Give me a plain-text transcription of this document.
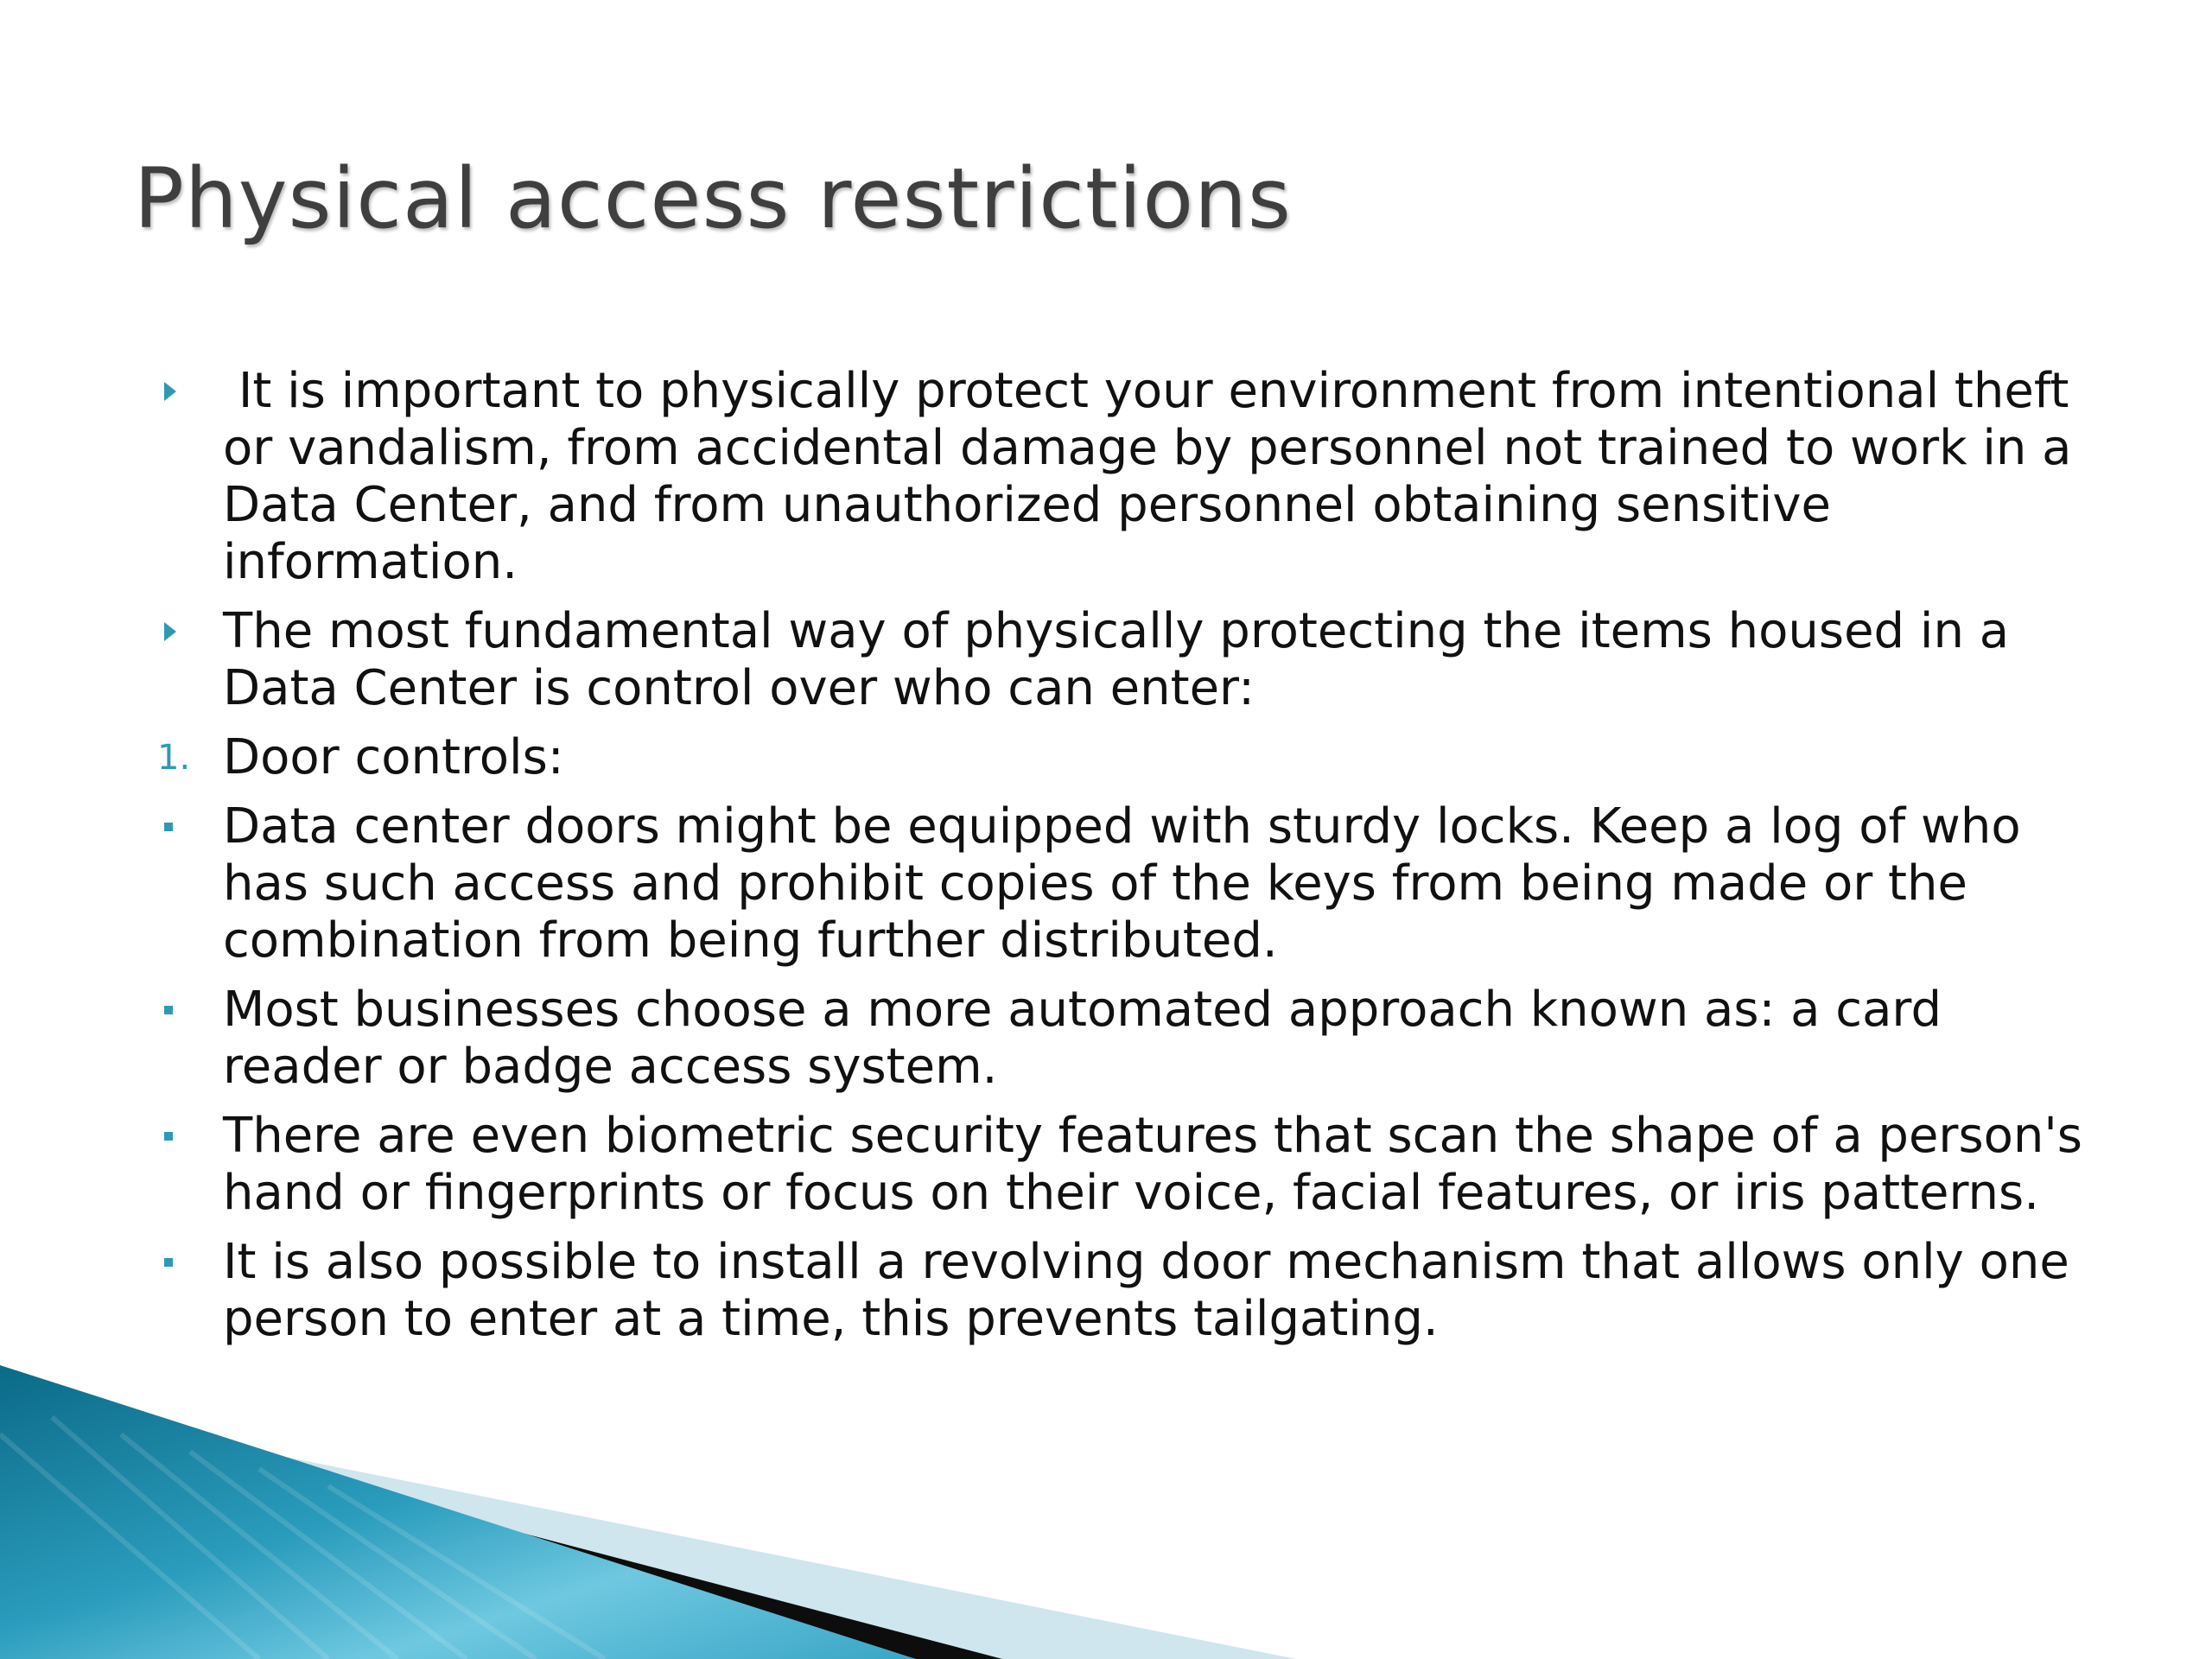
Physical access restrictions
It is important to physically protect your environment from intentional theft or vandalism, from accidental damage by personnel not trained to work in a Data Center, and from unauthorized personnel obtaining sensitive information.
The most fundamental way of physically protecting the items housed in a Data Center is control over who can enter:
1. Door controls:
Data center doors might be equipped with sturdy locks. Keep a log of who has such access and prohibit copies of the keys from being made or the combination from being further distributed.
Most businesses choose a more automated approach known as: a card reader or badge access system.
There are even biometric security features that scan the shape of a person's hand or fingerprints or focus on their voice, facial features, or iris patterns.
It is also possible to install a revolving door mechanism that allows only one person to enter at a time, this prevents tailgating.
